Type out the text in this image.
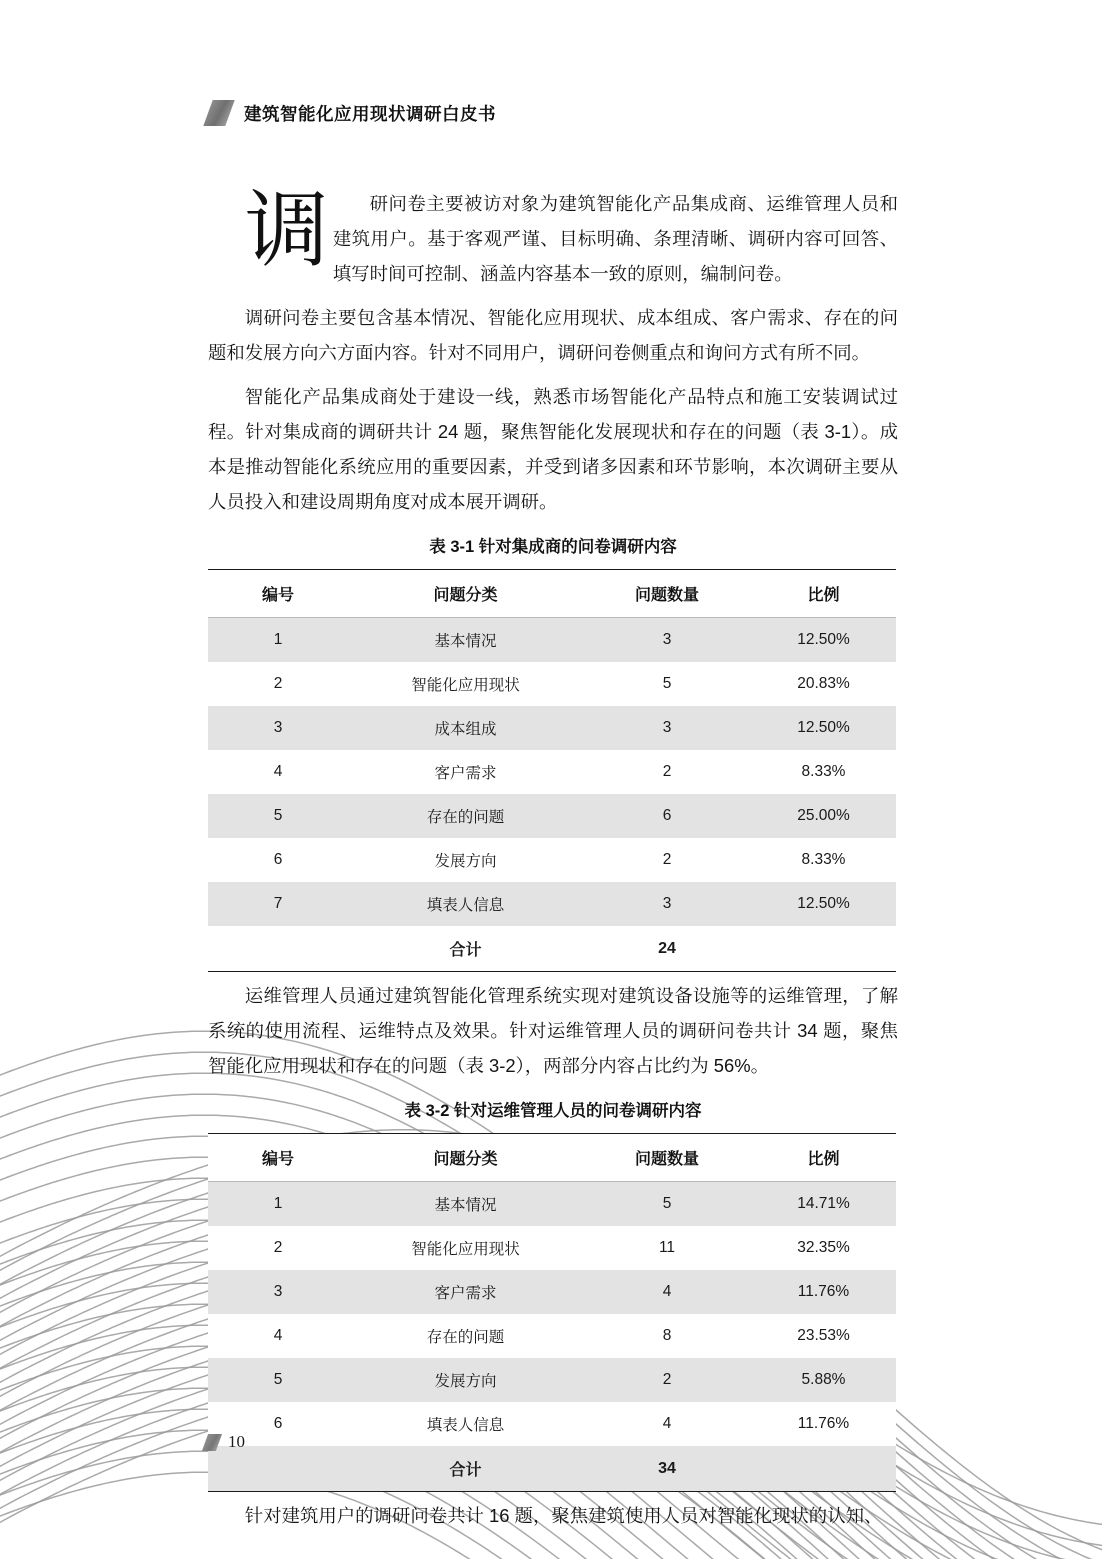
建筑智能化应用现状调研白皮书

调 研问卷主要被访对象为建筑智能化产品集成商、运维管理人员和建筑用户。基于客观严谨、目标明确、条理清晰、调研内容可回答、填写时间可控制、涵盖内容基本一致的原则，编制问卷。

调研问卷主要包含基本情况、智能化应用现状、成本组成、客户需求、存在的问题和发展方向六方面内容。针对不同用户，调研问卷侧重点和询问方式有所不同。

智能化产品集成商处于建设一线，熟悉市场智能化产品特点和施工安装调试过程。针对集成商的调研共计 24 题，聚焦智能化发展现状和存在的问题（表 3-1）。成本是推动智能化系统应用的重要因素，并受到诸多因素和环节影响，本次调研主要从人员投入和建设周期角度对成本展开调研。

表 3-1 针对集成商的问卷调研内容
编号	问题分类	问题数量	比例
1	基本情况	3	12.50%
2	智能化应用现状	5	20.83%
3	成本组成	3	12.50%
4	客户需求	2	8.33%
5	存在的问题	6	25.00%
6	发展方向	2	8.33%
7	填表人信息	3	12.50%
	合计	24	

运维管理人员通过建筑智能化管理系统实现对建筑设备设施等的运维管理，了解系统的使用流程、运维特点及效果。针对运维管理人员的调研问卷共计 34 题，聚焦智能化应用现状和存在的问题（表 3-2），两部分内容占比约为 56%。

表 3-2 针对运维管理人员的问卷调研内容
编号	问题分类	问题数量	比例
1	基本情况	5	14.71%
2	智能化应用现状	11	32.35%
3	客户需求	4	11.76%
4	存在的问题	8	23.53%
5	发展方向	2	5.88%
6	填表人信息	4	11.76%
	合计	34	

针对建筑用户的调研问卷共计 16 题，聚焦建筑使用人员对智能化现状的认知、

10
